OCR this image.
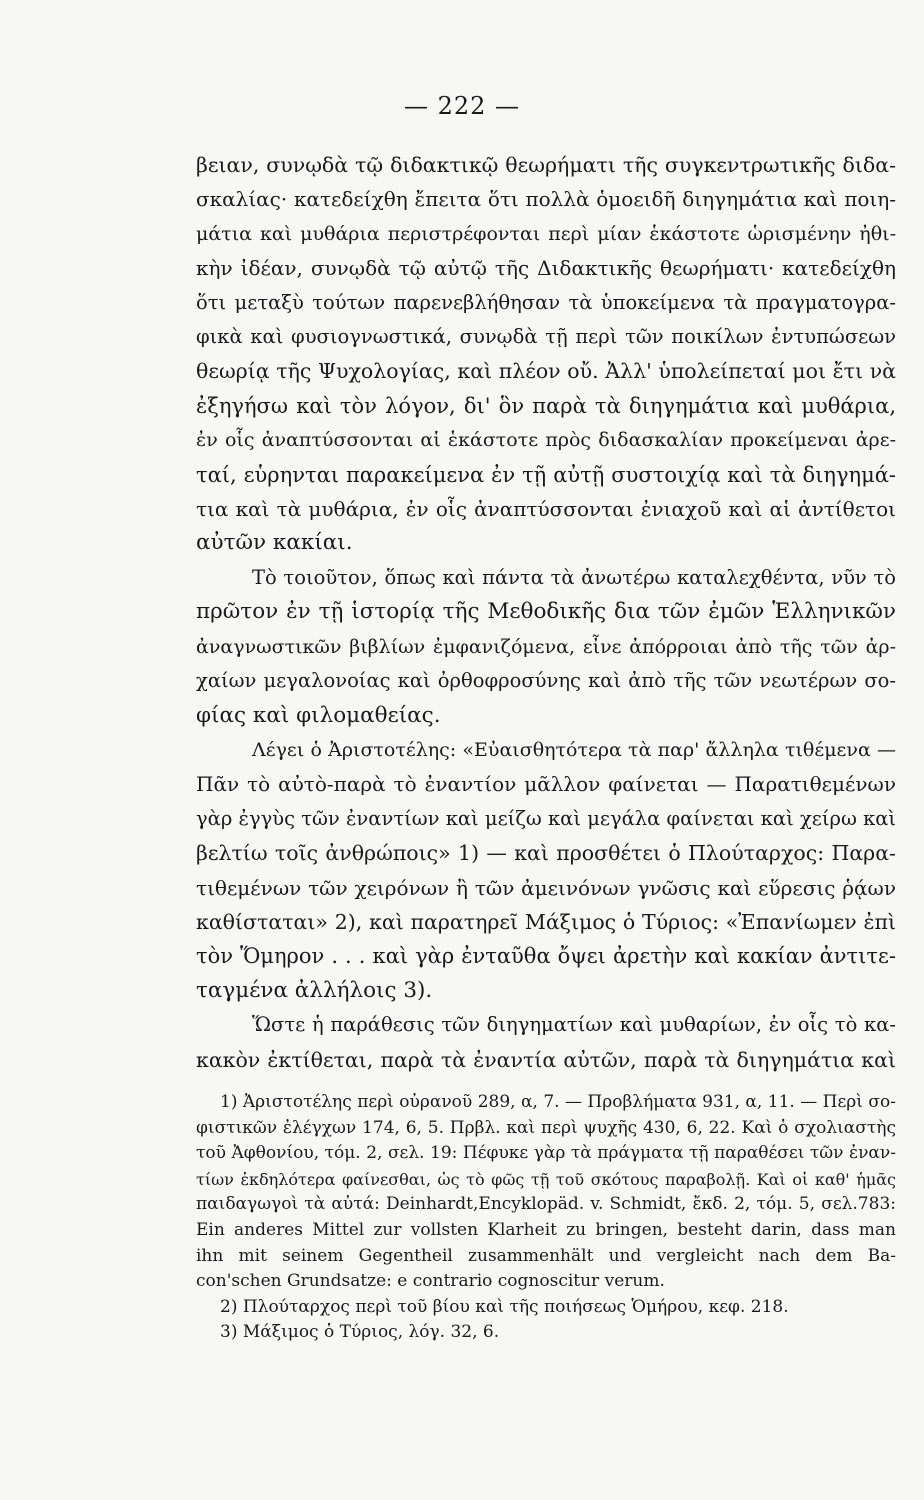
— 222 —
βειαν, συνῳδὰ τῷ διδακτικῷ θεωρήματι τῆς συγκεντρωτικῆς διδα-
σκαλίας· κατεδείχθη ἔπειτα ὅτι πολλὰ ὁμοειδῆ διηγημάτια καὶ ποιη-
μάτια καὶ μυθάρια περιστρέφονται περὶ μίαν ἑκάστοτε ὡρισμένην ἠθι-
κὴν ἰδέαν, συνῳδὰ τῷ αὐτῷ τῆς Διδακτικῆς θεωρήματι· κατεδείχθη
ὅτι μεταξὺ τούτων παρενεβλήθησαν τὰ ὑποκείμενα τὰ πραγματογρα-
φικὰ καὶ φυσιογνωστικά, συνῳδὰ τῇ περὶ τῶν ποικίλων ἐντυπώσεων
θεωρίᾳ τῆς Ψυχολογίας, καὶ πλέον οὔ. Ἀλλ' ὑπολείπεταί μοι ἔτι νὰ
ἐξηγήσω καὶ τὸν λόγον, δι' ὃν παρὰ τὰ διηγημάτια καὶ μυθάρια,
ἐν οἷς ἀναπτύσσονται αἱ ἑκάστοτε πρὸς διδασκαλίαν προκείμεναι ἀρε-
ταί, εὑρηνται παρακείμενα ἐν τῇ αὐτῇ συστοιχίᾳ καὶ τὰ διηγημά-
τια καὶ τὰ μυθάρια, ἐν οἷς ἀναπτύσσονται ἐνιαχοῦ καὶ αἱ ἀντίθετοι
αὐτῶν κακίαι.
Τὸ τοιοῦτον, ὅπως καὶ πάντα τὰ ἀνωτέρω καταλεχθέντα, νῦν τὸ
πρῶτον ἐν τῇ ἱστορίᾳ τῆς Μεθοδικῆς δια τῶν ἐμῶν Ἑλληνικῶν
ἀναγνωστικῶν βιβλίων ἐμφανιζόμενα, εἶνε ἀπόρροιαι ἀπὸ τῆς τῶν ἀρ-
χαίων μεγαλονοίας καὶ ὀρθοφροσύνης καὶ ἀπὸ τῆς τῶν νεωτέρων σο-
φίας καὶ φιλομαθείας.
Λέγει ὁ Ἀριστοτέλης: «Εὐαισθητότερα τὰ παρ' ἄλληλα τιθέμενα —
Πᾶν τὸ αὐτὸ-παρὰ τὸ ἐναντίον μᾶλλον φαίνεται — Παρατιθεμένων
γὰρ ἐγγὺς τῶν ἐναντίων καὶ μείζω καὶ μεγάλα φαίνεται καὶ χείρω καὶ
βελτίω τοῖς ἀνθρώποις» 1) — καὶ προσθέτει ὁ Πλούταρχος: Παρα-
τιθεμένων τῶν χειρόνων ἢ τῶν ἀμεινόνων γνῶσις καὶ εὕρεσις ῥᾴων
καθίσταται» 2), καὶ παρατηρεῖ Μάξιμος ὁ Τύριος: «Ἐπανίωμεν ἐπὶ
τὸν Ὅμηρον . . . καὶ γὰρ ἐνταῦθα ὄψει ἀρετὴν καὶ κακίαν ἀντιτε-
ταγμένα ἀλλήλοις 3).
Ὥστε ἡ παράθεσις τῶν διηγηματίων καὶ μυθαρίων, ἐν οἷς τὸ κα-
κακὸν ἐκτίθεται, παρὰ τὰ ἐναντία αὐτῶν, παρὰ τὰ διηγημάτια καὶ
1) Ἀριστοτέλης περὶ οὐρανοῦ 289, α, 7. — Προβλήματα 931, α, 11. — Περὶ σο-
φιστικῶν ἐλέγχων 174, 6, 5. Πρβλ. καὶ περὶ ψυχῆς 430, 6, 22. Καὶ ὁ σχολιαστὴς
τοῦ Ἀφθονίου, τόμ. 2, σελ. 19: Πέφυκε γὰρ τὰ πράγματα τῇ παραθέσει τῶν ἐναν-
τίων ἐκδηλότερα φαίνεσθαι, ὡς τὸ φῶς τῇ τοῦ σκότους παραβολῇ. Καὶ οἱ καθ' ἡμᾶς
παιδαγωγοὶ τὰ αὐτά: Deinhardt,Encyklopäd. v. Schmidt, ἔκδ. 2, τόμ. 5, σελ.783:
Ein anderes Mittel zur vollsten Klarheit zu bringen, besteht darin, dass man
ihn mit seinem Gegentheil zusammenhält und vergleicht nach dem Ba-
con'schen Grundsatze: e contrario cognoscitur verum.
2) Πλούταρχος περὶ τοῦ βίου καὶ τῆς ποιήσεως Ὁμήρου, κεφ. 218.
3) Μάξιμος ὁ Τύριος, λόγ. 32, 6.
